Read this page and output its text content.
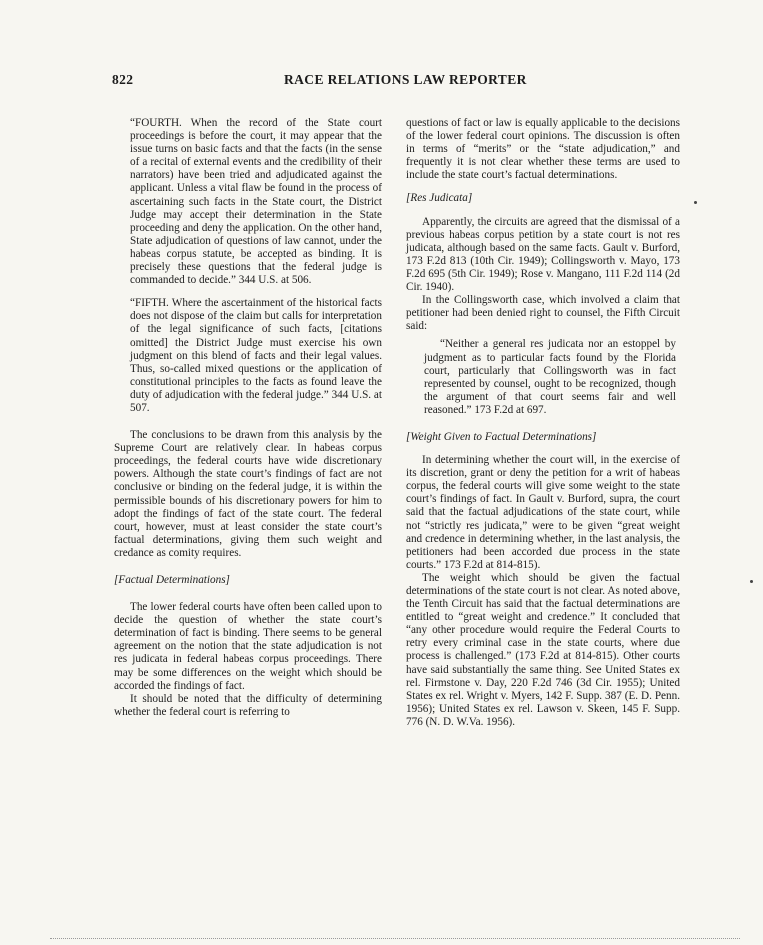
822	RACE RELATIONS LAW REPORTER

“FOURTH. When the record of the State court proceedings is before the court, it may appear that the issue turns on basic facts and that the facts (in the sense of a recital of external events and the credibility of their narrators) have been tried and adjudicated against the applicant. Unless a vital flaw be found in the process of ascertaining such facts in the State court, the District Judge may accept their determination in the State proceeding and deny the application. On the other hand, State adjudication of questions of law cannot, under the habeas corpus statute, be accepted as binding. It is precisely these questions that the federal judge is commanded to decide.” 344 U.S. at 506.

“FIFTH. Where the ascertainment of the historical facts does not dispose of the claim but calls for interpretation of the legal significance of such facts, [citations omitted] the District Judge must exercise his own judgment on this blend of facts and their legal values. Thus, so-called mixed questions or the application of constitutional principles to the facts as found leave the duty of adjudication with the federal judge.” 344 U.S. at 507.

The conclusions to be drawn from this analysis by the Supreme Court are relatively clear. In habeas corpus proceedings, the federal courts have wide discretionary powers. Although the state court’s findings of fact are not conclusive or binding on the federal judge, it is within the permissible bounds of his discretionary powers for him to adopt the findings of fact of the state court. The federal court, however, must at least consider the state court’s factual determinations, giving them such weight and credance as comity requires.

[Factual Determinations]

The lower federal courts have often been called upon to decide the question of whether the state court’s determination of fact is binding. There seems to be general agreement on the notion that the state adjudication is not res judicata in federal habeas corpus proceedings. There may be some differences on the weight which should be accorded the findings of fact.

It should be noted that the difficulty of determining whether the federal court is referring to

questions of fact or law is equally applicable to the decisions of the lower federal court opinions. The discussion is often in terms of “merits” or the “state adjudication,” and frequently it is not clear whether these terms are used to include the state court’s factual determinations.

[Res Judicata]

Apparently, the circuits are agreed that the dismissal of a previous habeas corpus petition by a state court is not res judicata, although based on the same facts. Gault v. Burford, 173 F.2d 813 (10th Cir. 1949); Collingsworth v. Mayo, 173 F.2d 695 (5th Cir. 1949); Rose v. Mangano, 111 F.2d 114 (2d Cir. 1940).

In the Collingsworth case, which involved a claim that petitioner had been denied right to counsel, the Fifth Circuit said:

“Neither a general res judicata nor an estoppel by judgment as to particular facts found by the Florida court, particularly that Collingsworth was in fact represented by counsel, ought to be recognized, though the argument of that court seems fair and well reasoned.” 173 F.2d at 697.

[Weight Given to Factual Determinations]

In determining whether the court will, in the exercise of its discretion, grant or deny the petition for a writ of habeas corpus, the federal courts will give some weight to the state court’s findings of fact. In Gault v. Burford, supra, the court said that the factual adjudications of the state court, while not “strictly res judicata,” were to be given “great weight and credence in determining whether, in the last analysis, the petitioners had been accorded due process in the state courts.” 173 F.2d at 814-815).

The weight which should be given the factual determinations of the state court is not clear. As noted above, the Tenth Circuit has said that the factual determinations are entitled to “great weight and credence.” It concluded that “any other procedure would require the Federal Courts to retry every criminal case in the state courts, where due process is challenged.” (173 F.2d at 814-815). Other courts have said substantially the same thing. See United States ex rel. Firmstone v. Day, 220 F.2d 746 (3d Cir. 1955); United States ex rel. Wright v. Myers, 142 F. Supp. 387 (E. D. Penn. 1956); United States ex rel. Lawson v. Skeen, 145 F. Supp. 776 (N. D. W.Va. 1956).
